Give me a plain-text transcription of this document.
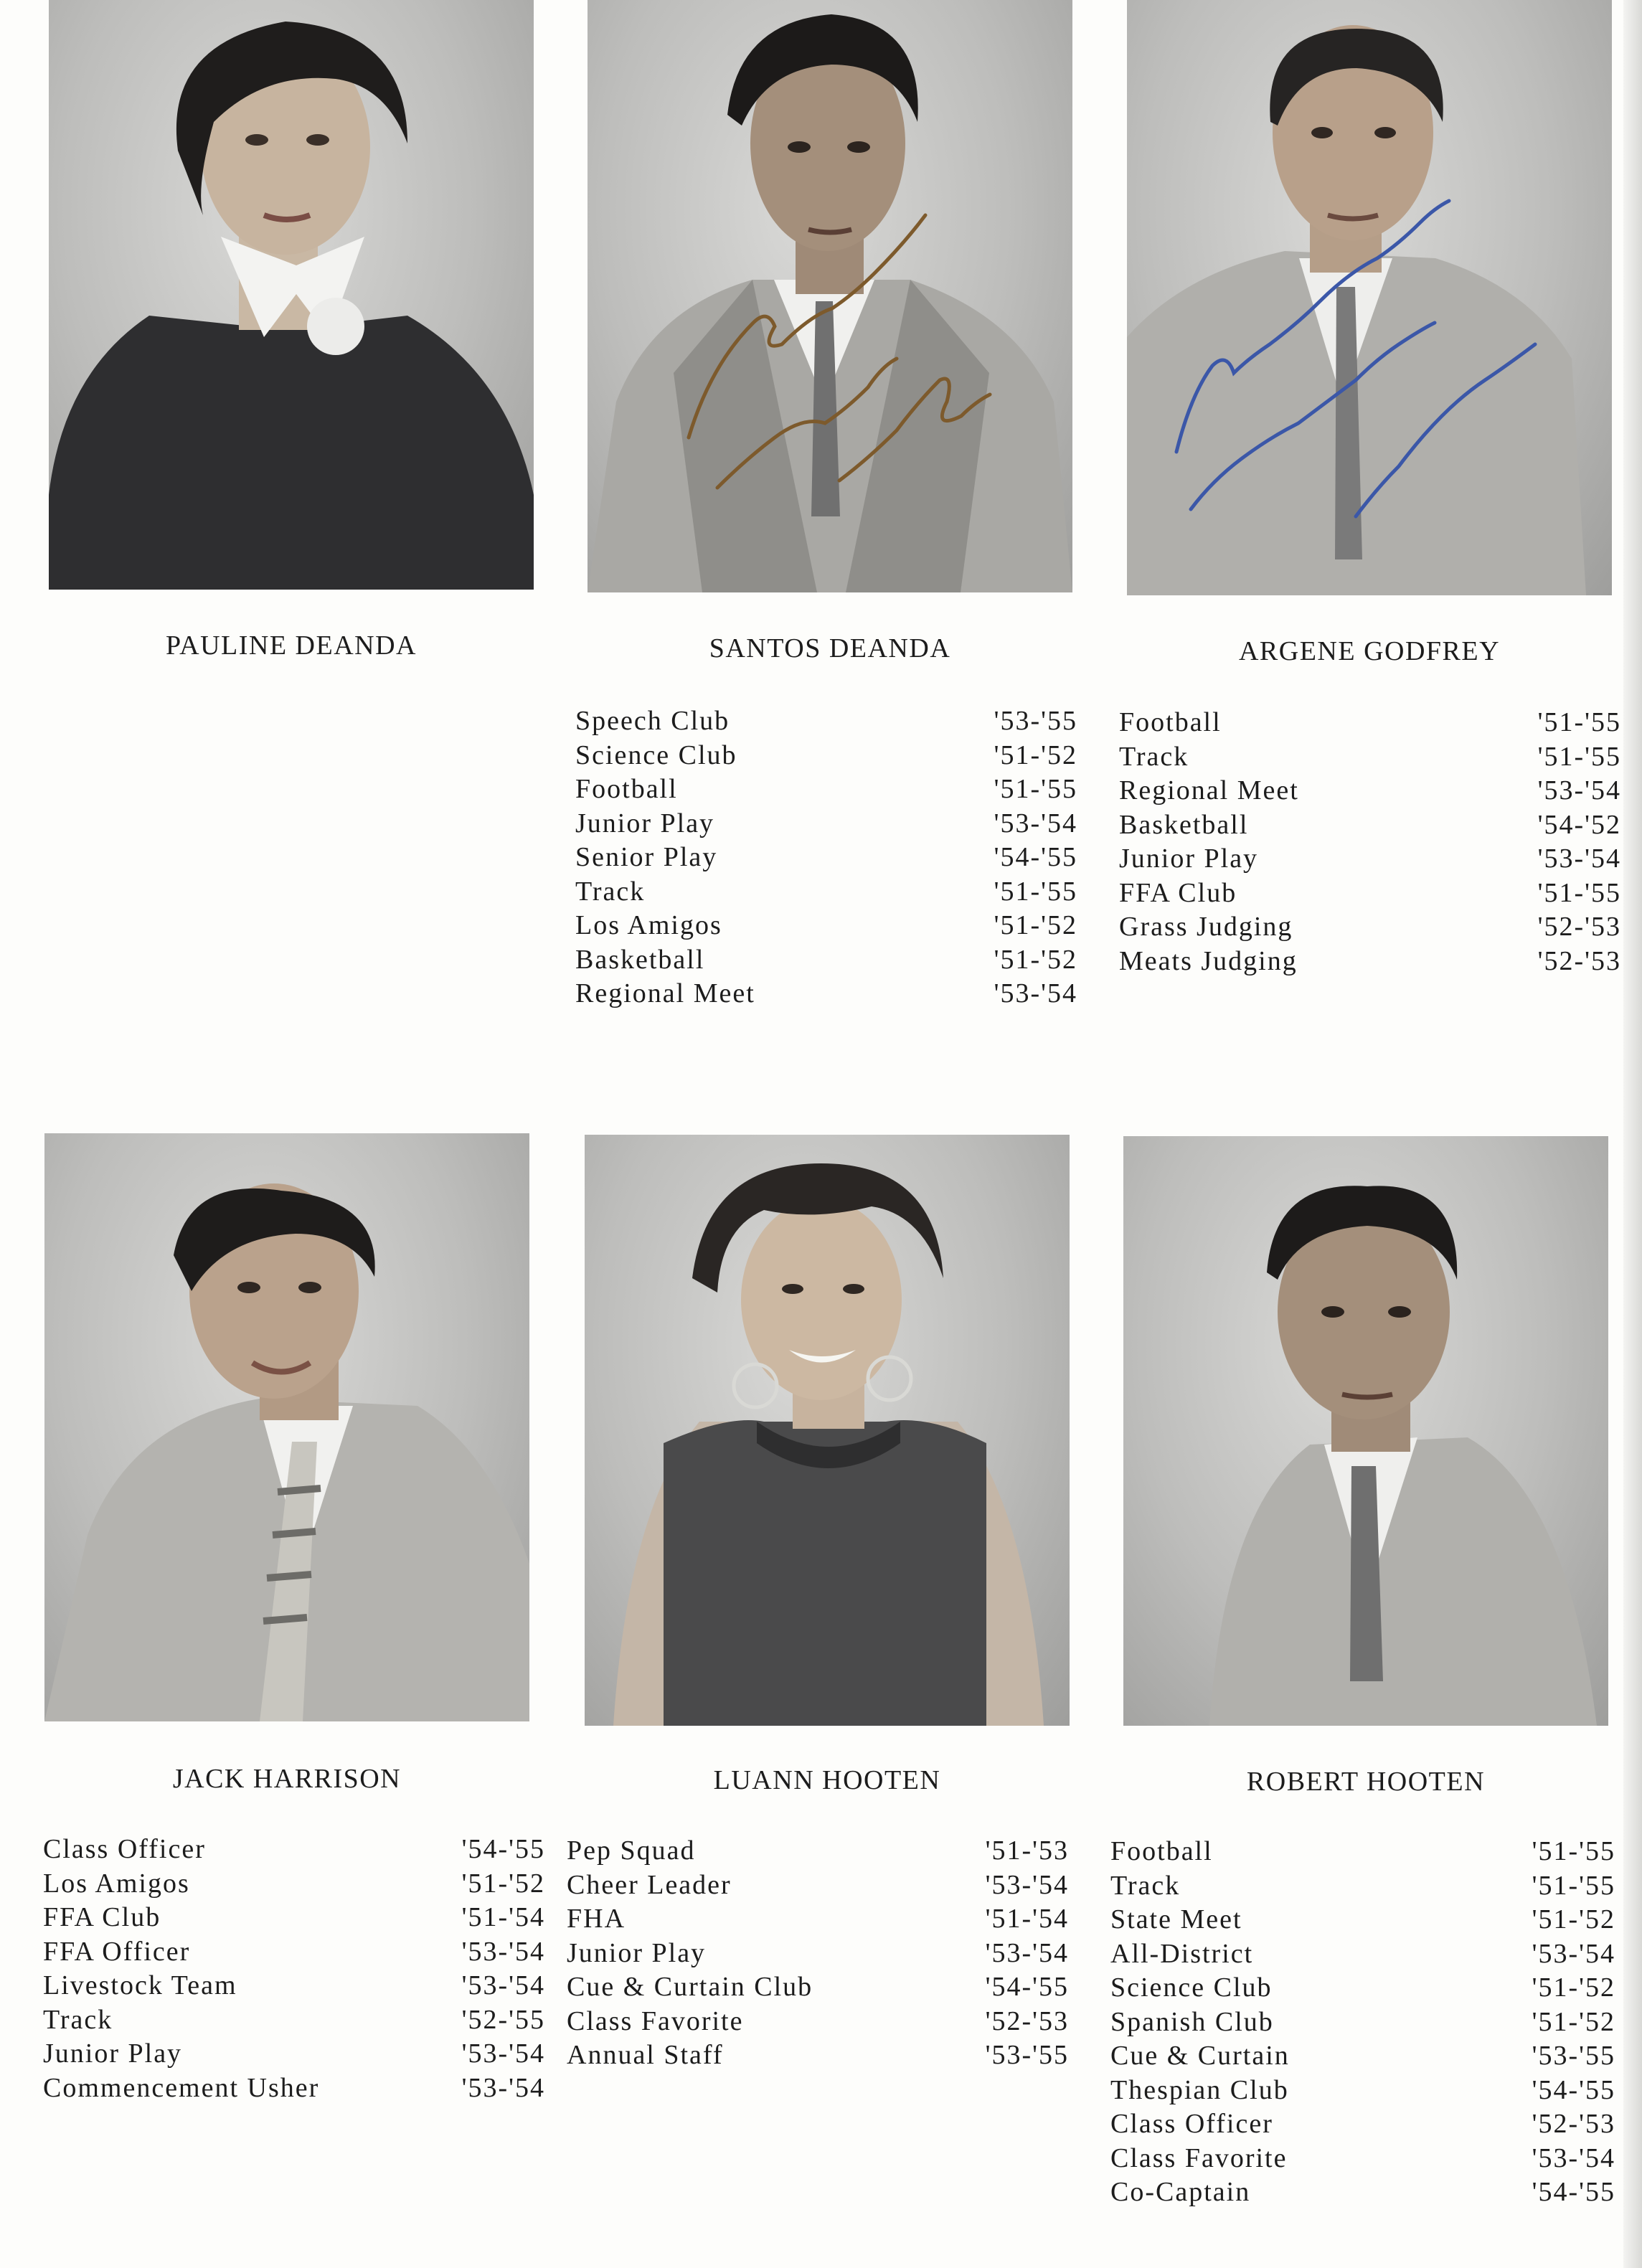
PAULINE DEANDA	SANTOS DEANDA	ARGENE GODFREY
JACK HARRISON	LUANN HOOTEN	ROBERT HOOTEN
Speech Club	'53-'55
Science Club	'51-'52
Football	'51-'55
Junior Play	'53-'54
Senior Play	'54-'55
Track	'51-'55
Los Amigos	'51-'52
Basketball	'51-'52
Regional Meet	'53-'54
Football	'51-'55
Track	'51-'55
Regional Meet	'53-'54
Basketball	'54-'52
Junior Play	'53-'54
FFA Club	'51-'55
Grass Judging	'52-'53
Meats Judging	'52-'53
Class Officer	'54-'55
Los Amigos	'51-'52
FFA Club	'51-'54
FFA Officer	'53-'54
Livestock Team	'53-'54
Track	'52-'55
Junior Play	'53-'54
Commencement Usher	'53-'54
Pep Squad	'51-'53
Cheer Leader	'53-'54
FHA	'51-'54
Junior Play	'53-'54
Cue & Curtain Club	'54-'55
Class Favorite	'52-'53
Annual Staff	'53-'55
Football	'51-'55
Track	'51-'55
State Meet	'51-'52
All-District	'53-'54
Science Club	'51-'52
Spanish Club	'51-'52
Cue & Curtain	'53-'55
Thespian Club	'54-'55
Class Officer	'52-'53
Class Favorite	'53-'54
Co-Captain	'54-'55
